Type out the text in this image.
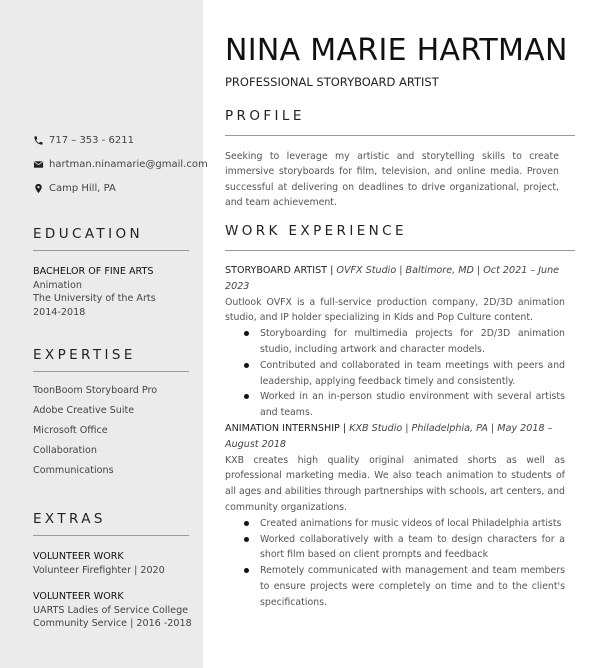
717 – 353 - 6211
hartman.ninamarie@gmail.com
Camp Hill, PA
EDUCATION
BACHELOR OF FINE ARTS
Animation
The University of the Arts
2014-2018
EXPERTISE
ToonBoom Storyboard Pro
Adobe Creative Suite
Microsoft Office
Collaboration
Communications
EXTRAS
VOLUNTEER WORK
Volunteer Firefighter | 2020
VOLUNTEER WORK
UARTS Ladies of Service College
Community Service | 2016 -2018
NINA MARIE HARTMAN
PROFESSIONAL STORYBOARD ARTIST
PROFILE
Seeking to leverage my artistic and storytelling skills to create immersive storyboards for film, television, and online media. Proven successful at delivering on deadlines to drive organizational, project, and team achievement.
WORK EXPERIENCE
STORYBOARD ARTIST | OVFX Studio | Baltimore, MD | Oct 2021 – June 2023
Outlook OVFX is a full-service production company, 2D/3D animation studio, and IP holder specializing in Kids and Pop Culture content.
Storyboarding for multimedia projects for 2D/3D animation studio, including artwork and character models.
Contributed and collaborated in team meetings with peers and leadership, applying feedback timely and consistently.
Worked in an in-person studio environment with several artists and teams.
ANIMATION INTERNSHIP | KXB Studio | Philadelphia, PA | May 2018 – August 2018
KXB creates high quality original animated shorts as well as professional marketing media. We also teach animation to students of all ages and abilities through partnerships with schools, art centers, and community organizations.
Created animations for music videos of local Philadelphia artists
Worked collaboratively with a team to design characters for a short film based on client prompts and feedback
Remotely communicated with management and team members to ensure projects were completely on time and to the client's specifications.
